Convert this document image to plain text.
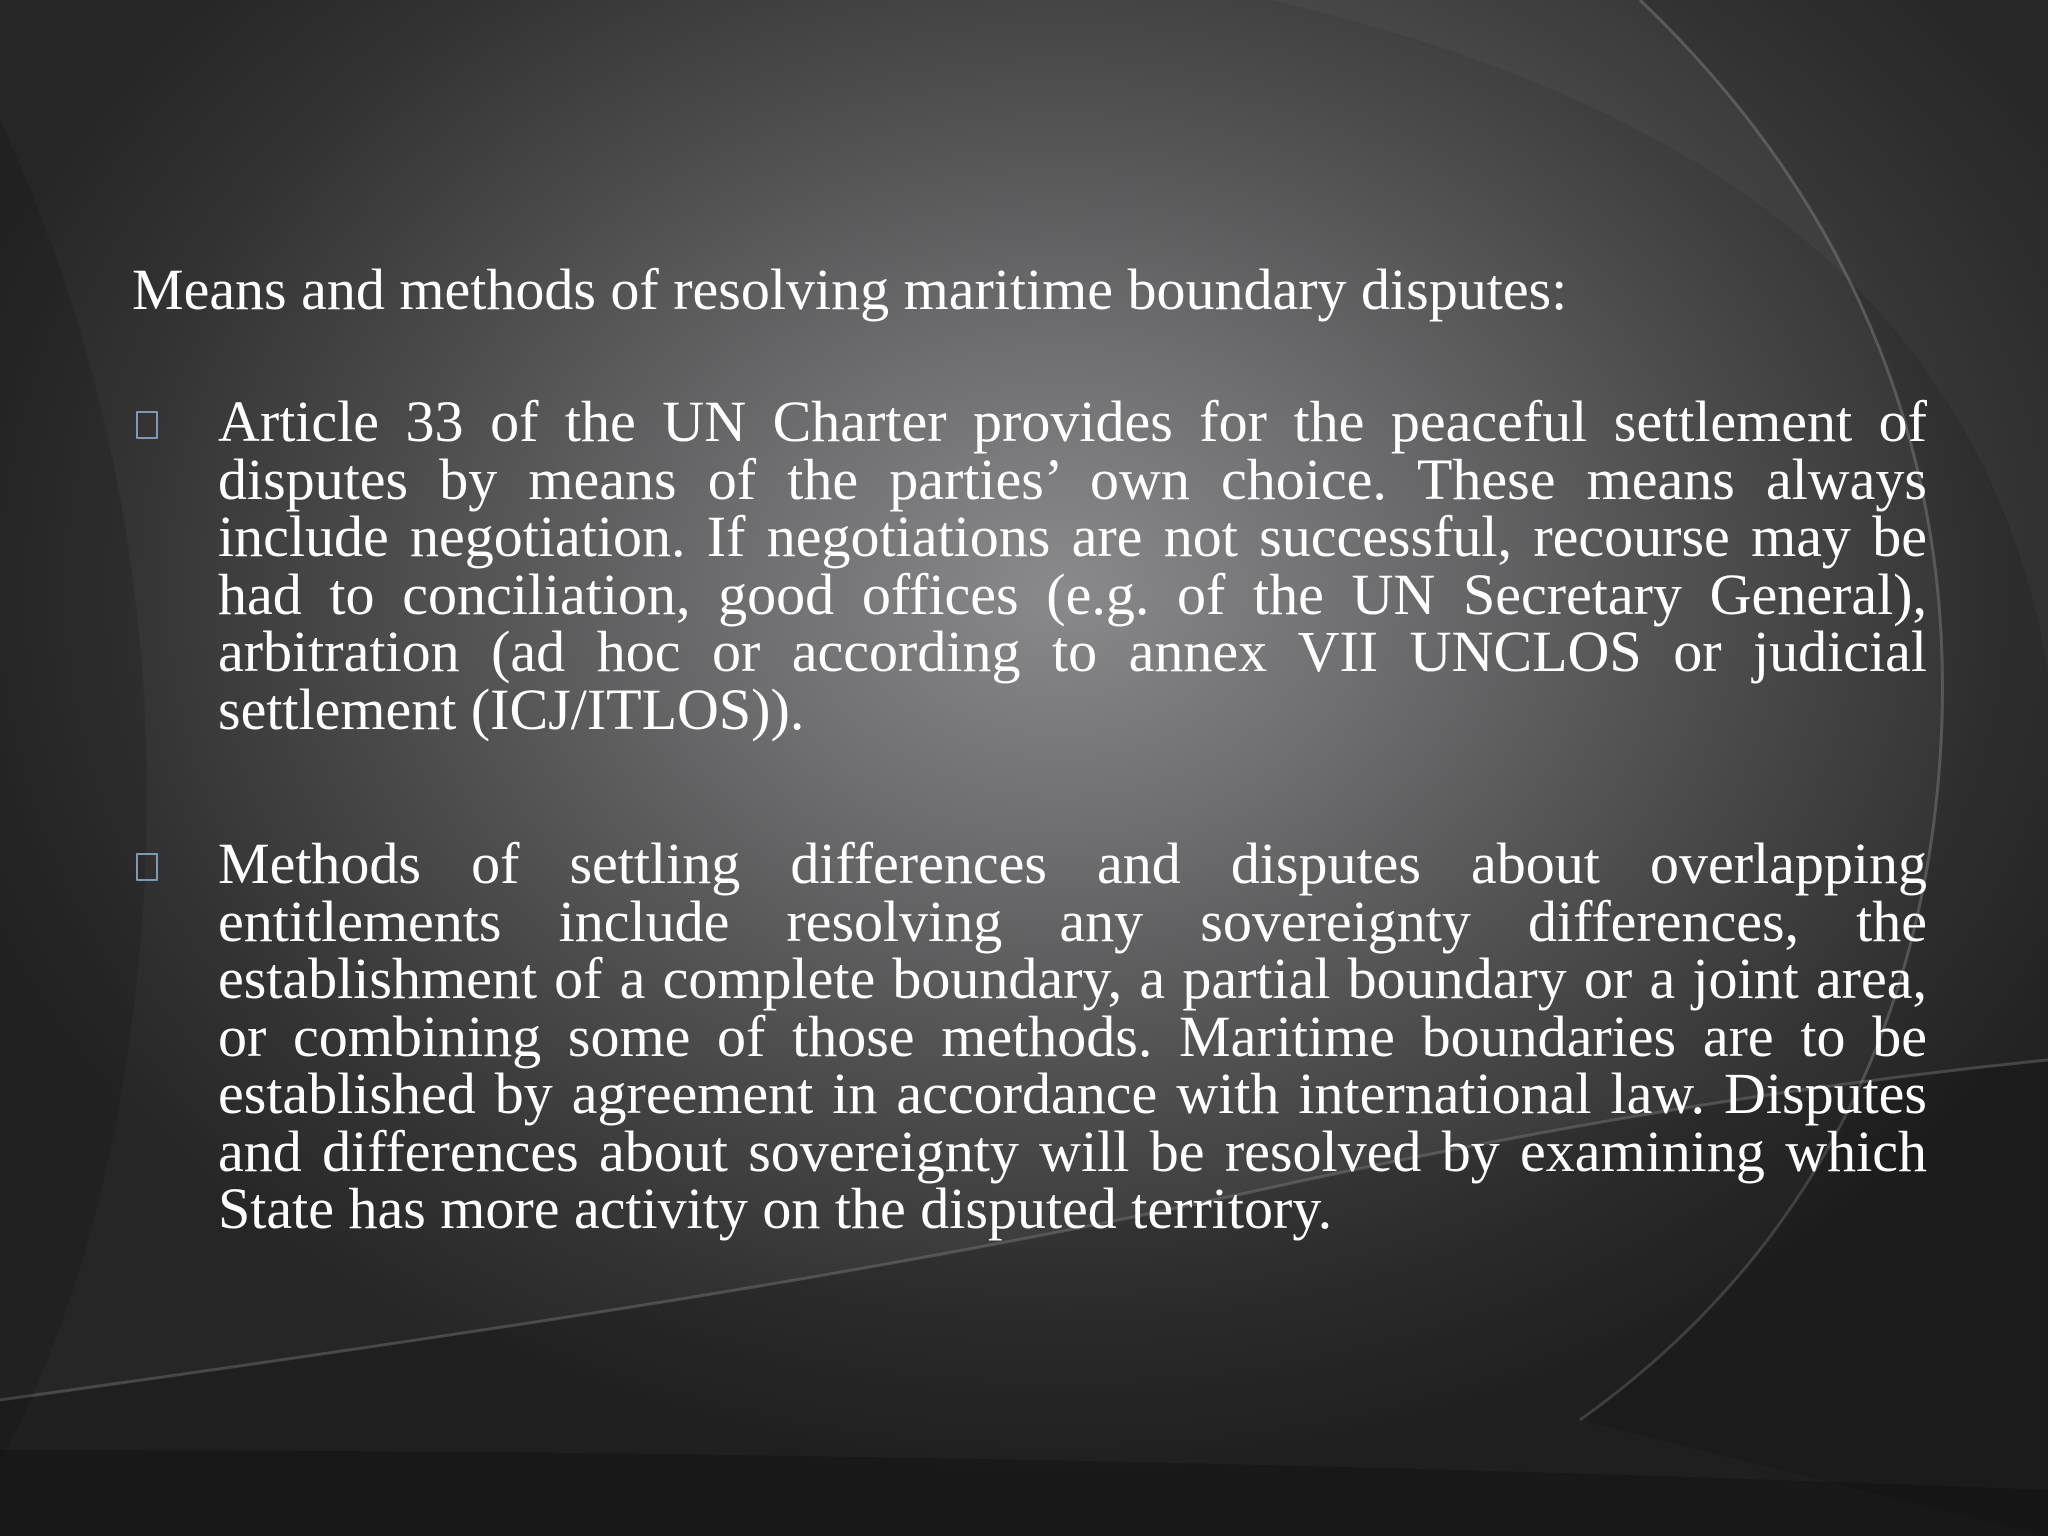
Means and methods of resolving maritime boundary disputes:

Article 33 of the UN Charter provides for the peaceful settlement of disputes by means of the parties’ own choice. These means always include negotiation. If negotiations are not successful, recourse may be had to conciliation, good offices (e.g. of the UN Secretary General), arbitration (ad hoc or according to annex VII UNCLOS or judicial settlement (ICJ/ITLOS)).
Methods of settling differences and disputes about overlapping entitlements include resolving any sovereignty differences, the establishment of a complete boundary, a partial boundary or a joint area, or combining some of those methods. Maritime boundaries are to be established by agreement in accordance with international law. Disputes and differences about sovereignty will be resolved by examining which State has more activity on the disputed territory.
